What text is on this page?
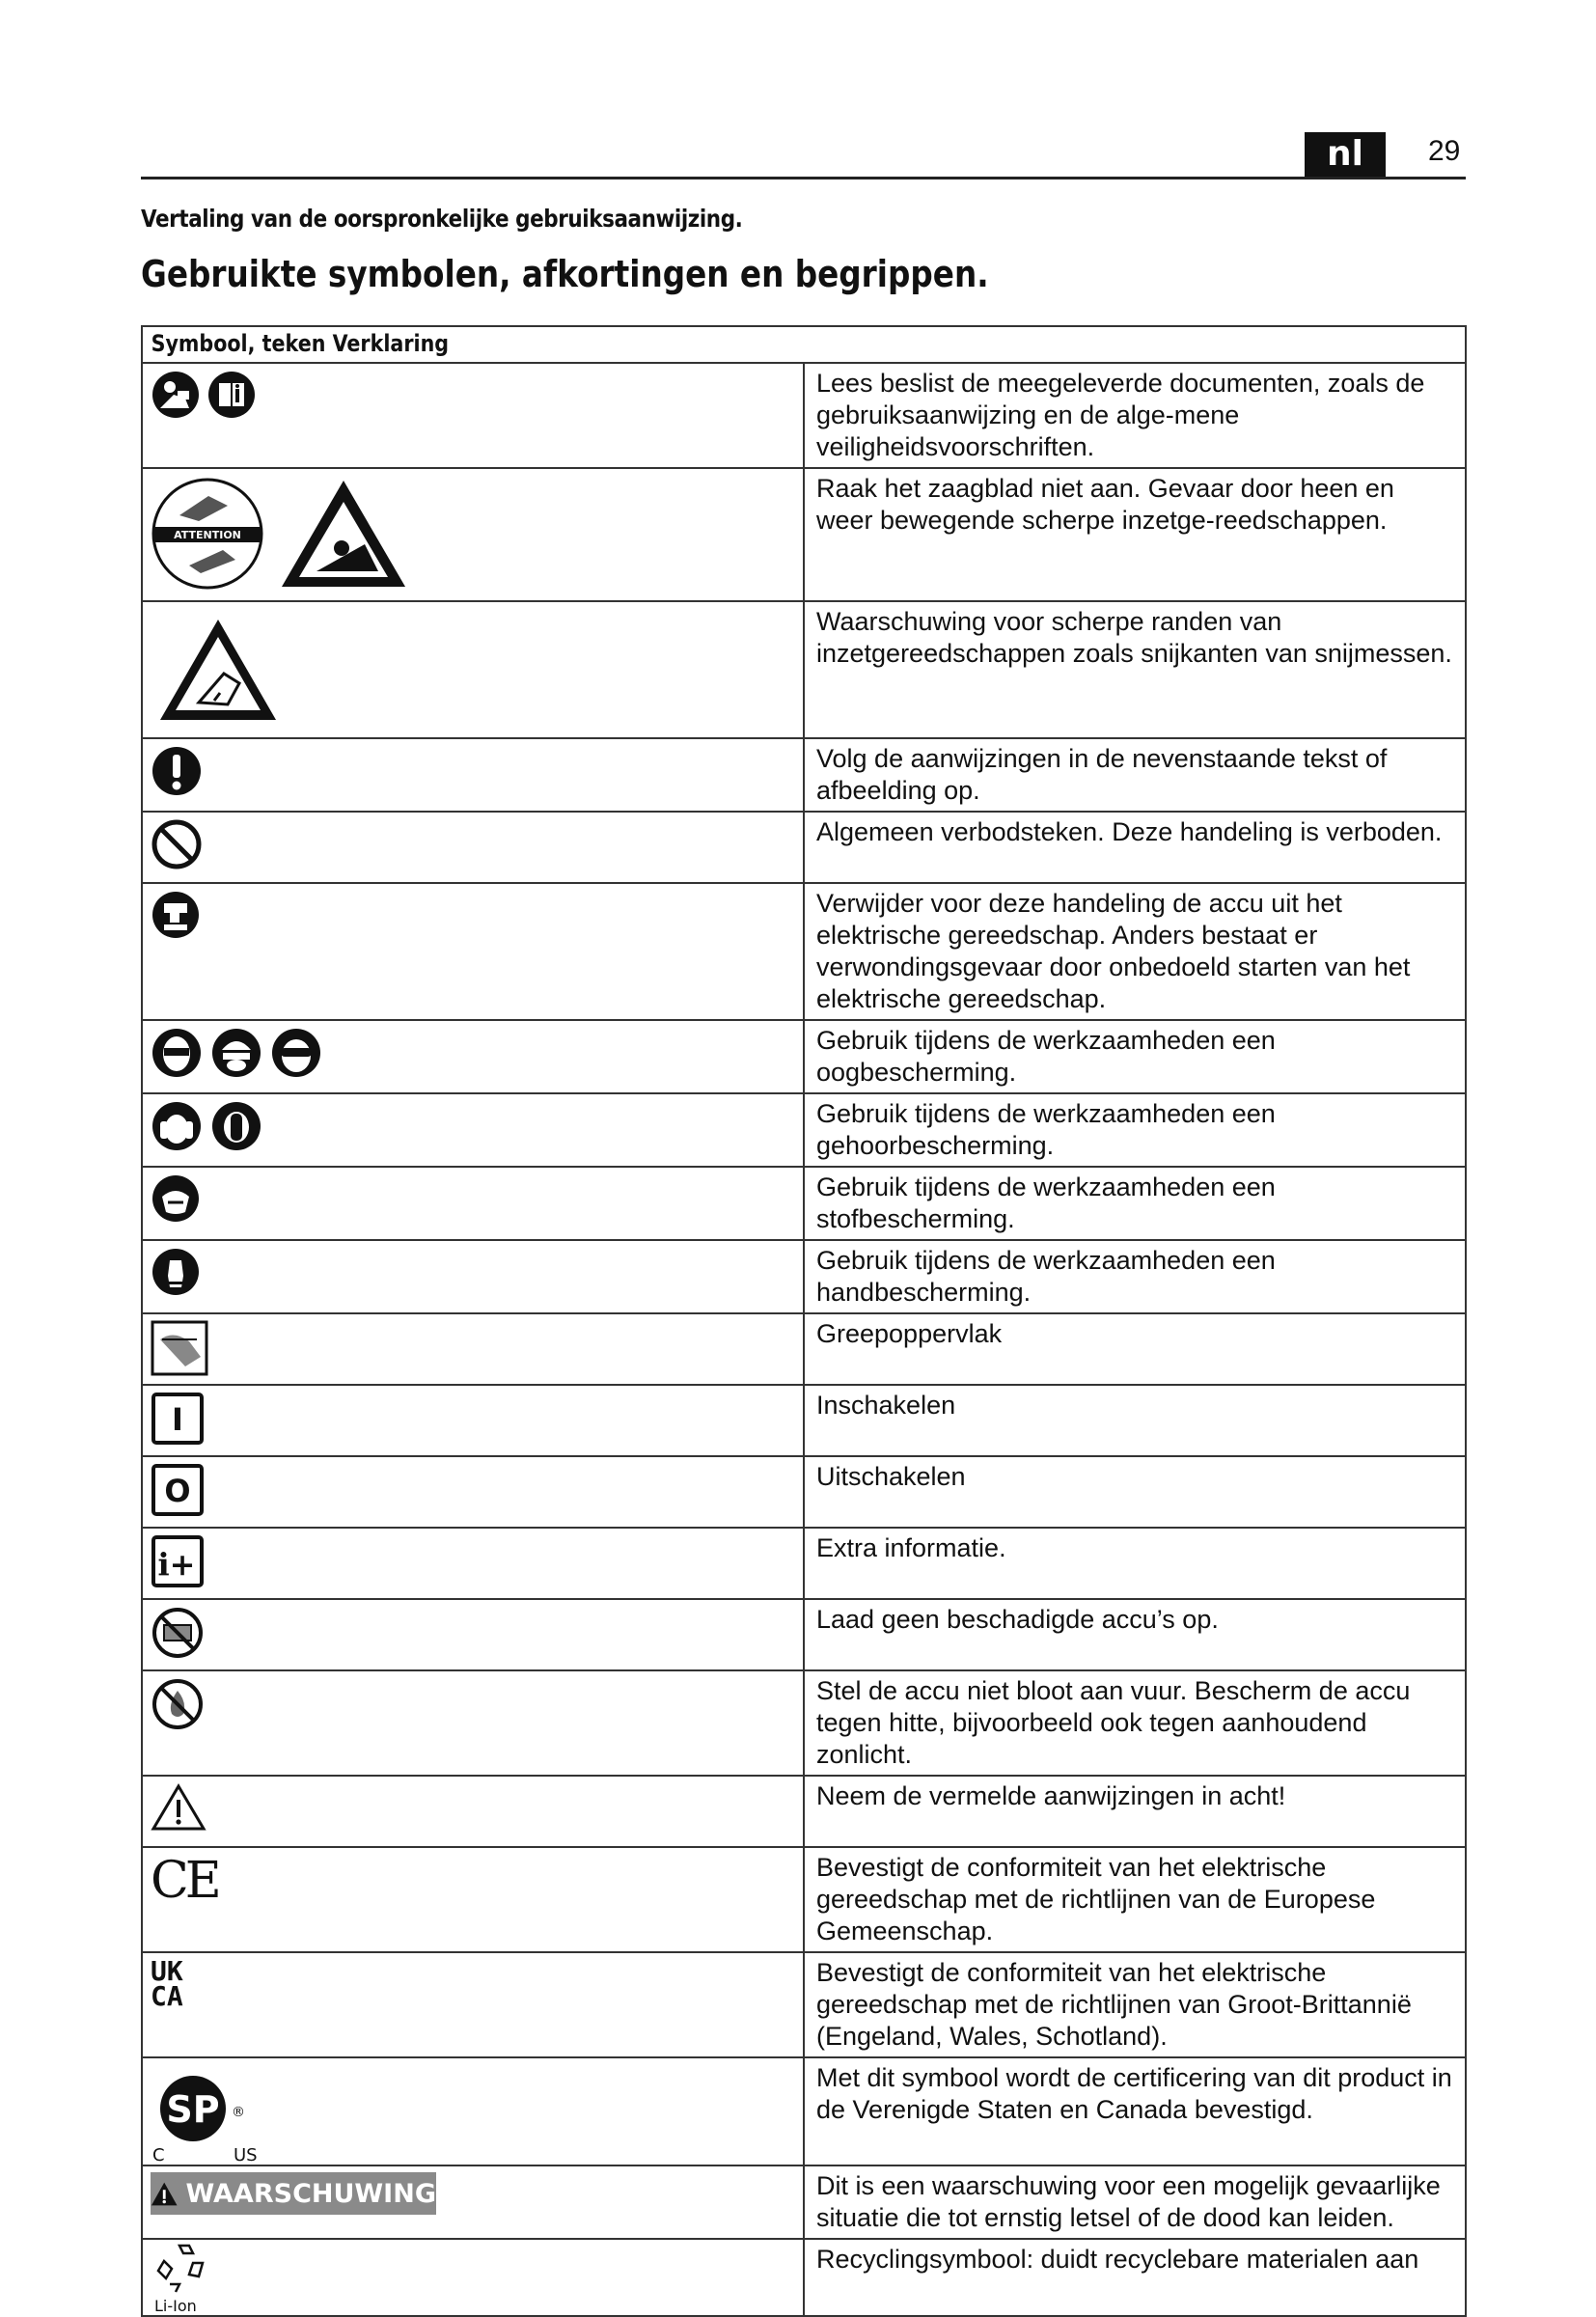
nl	29
Vertaling van de oorspronkelijke gebruiksaanwijzing.
Gebruikte symbolen, afkortingen en begrippen.
Symbool, teken Verklaring	

	Lees beslist de meegeleverde documenten, zoals de gebruiksaanwijzing en de alge-mene veiligheidsvoorschriften.

ATTENTION	Raak het zaagblad niet aan. Gevaar door heen en weer bewegende scherpe inzetge-reedschappen.

	Waarschuwing voor scherpe randen van inzetgereedschappen zoals snijkanten van snijmessen.

	Volg de aanwijzingen in de nevenstaande tekst of afbeelding op.

	Algemeen verbodsteken. Deze handeling is verboden.

	Verwijder voor deze handeling de accu uit het elektrische gereedschap. Anders bestaat er verwondingsgevaar door onbedoeld starten van het elektrische gereedschap.

	Gebruik tijdens de werkzaamheden een oogbescherming.

	Gebruik tijdens de werkzaamheden een gehoorbescherming.

	Gebruik tijdens de werkzaamheden een stofbescherming.

	Gebruik tijdens de werkzaamheden een handbescherming.

	Greepoppervlak

I	Inschakelen

O	Uitschakelen

i+	Extra informatie.

	Laad geen beschadigde accu’s op.

	Stel de accu niet bloot aan vuur. Bescherm de accu tegen hitte, bijvoorbeeld ook tegen aanhoudend zonlicht.

	Neem de vermelde aanwijzingen in acht!

CE	Bevestigt de conformiteit van het elektrische gereedschap met de richtlijnen van de Europese Gemeenschap.

UK
CA	Bevestigt de conformiteit van het elektrische gereedschap met de richtlijnen van Groot-Brittannië (Engeland, Wales, Schotland).

SP ®
C US	Met dit symbool wordt de certificering van dit product in de Verenigde Staten en Canada bevestigd.

WAARSCHUWING	Dit is een waarschuwing voor een mogelijk gevaarlijke situatie die tot ernstig letsel of de dood kan leiden.

Li-Ion	Recyclingsymbool: duidt recyclebare materialen aan
